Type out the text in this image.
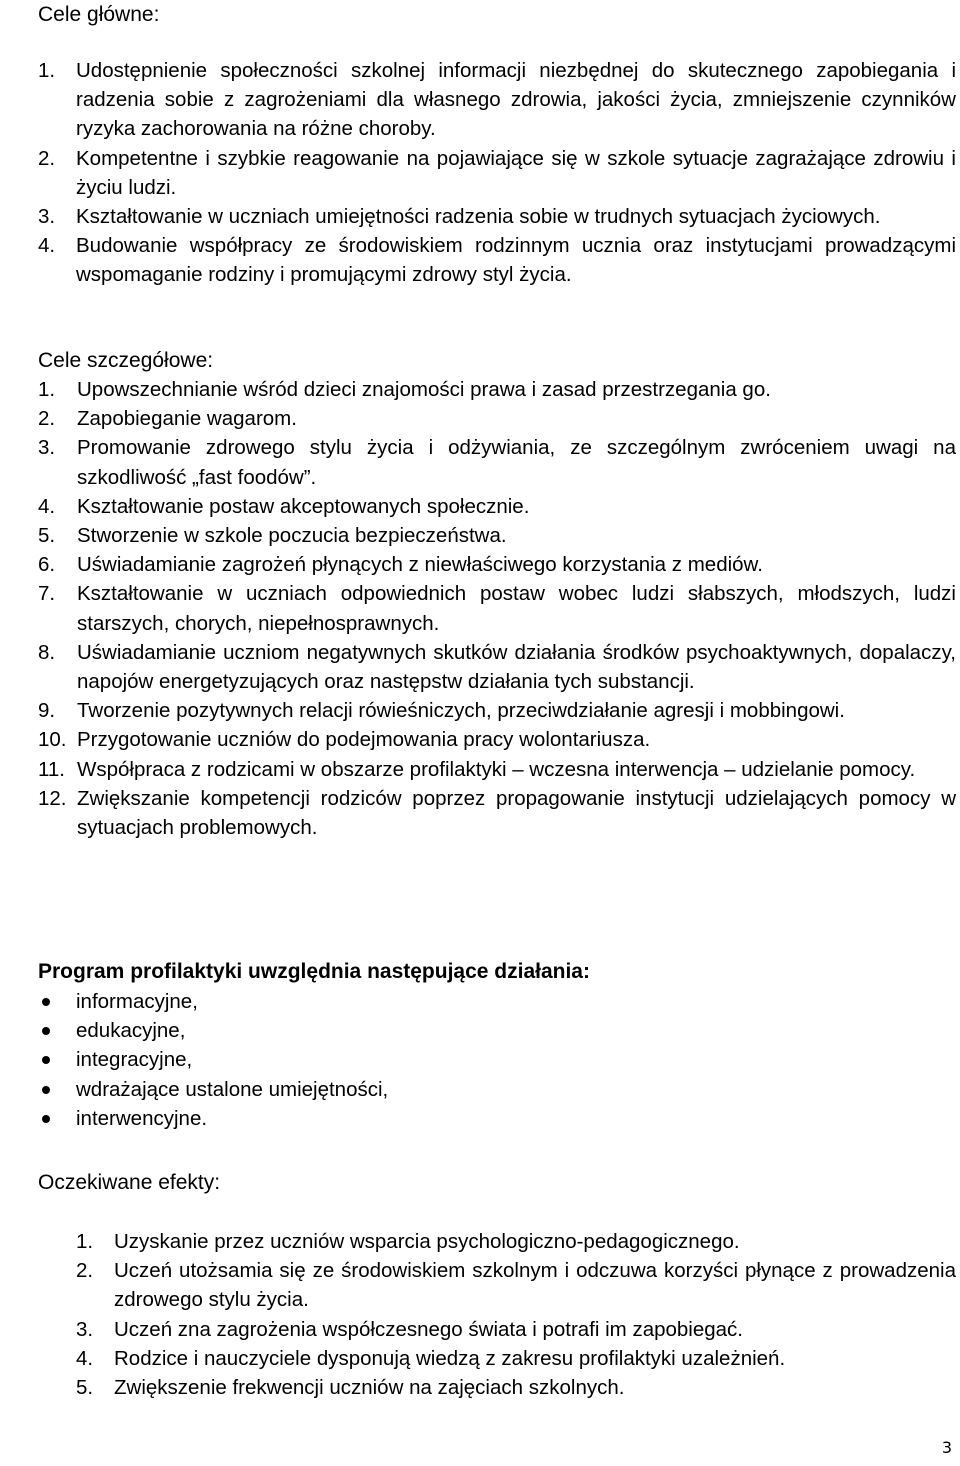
Cele główne:
1.	Udostępnienie społeczności szkolnej informacji niezbędnej do skutecznego zapobiegania i radzenia sobie z zagrożeniami dla własnego zdrowia, jakości życia, zmniejszenie czynników ryzyka zachorowania na różne choroby.
2.	Kompetentne i szybkie reagowanie na pojawiające się w szkole sytuacje zagrażające zdrowiu i życiu ludzi.
3.	Kształtowanie w uczniach umiejętności radzenia sobie w trudnych sytuacjach życiowych.
4.	Budowanie współpracy ze środowiskiem rodzinnym ucznia oraz instytucjami prowadzącymi wspomaganie rodziny i promującymi zdrowy styl życia.
Cele szczegółowe:
1.	Upowszechnianie wśród dzieci znajomości prawa i zasad przestrzegania go.
2.	Zapobieganie wagarom.
3.	Promowanie zdrowego stylu życia i odżywiania, ze szczególnym zwróceniem uwagi na szkodliwość „fast foodów”.
4.	Kształtowanie postaw akceptowanych społecznie.
5.	Stworzenie w szkole poczucia bezpieczeństwa.
6.	Uświadamianie zagrożeń płynących z niewłaściwego korzystania z mediów.
7.	Kształtowanie w uczniach odpowiednich postaw wobec ludzi słabszych, młodszych, ludzi starszych, chorych, niepełnosprawnych.
8.	Uświadamianie uczniom negatywnych skutków działania środków psychoaktywnych, dopalaczy, napojów energetyzujących oraz następstw działania tych substancji.
9.	Tworzenie pozytywnych relacji rówieśniczych, przeciwdziałanie agresji i mobbingowi.
10. Przygotowanie uczniów do podejmowania pracy wolontariusza.
11. Współpraca z rodzicami w obszarze profilaktyki – wczesna interwencja – udzielanie pomocy.
12. Zwiększanie kompetencji rodziców poprzez propagowanie instytucji udzielających pomocy w sytuacjach problemowych.
Program profilaktyki uwzględnia następujące działania:
informacyjne,
edukacyjne,
integracyjne,
wdrażające ustalone umiejętności,
interwencyjne.
Oczekiwane efekty:
1.	Uzyskanie przez uczniów wsparcia psychologiczno-pedagogicznego.
2.	Uczeń utożsamia się ze środowiskiem szkolnym i odczuwa korzyści płynące z prowadzenia zdrowego stylu życia.
3.	Uczeń zna zagrożenia współczesnego świata i potrafi im zapobiegać.
4.	Rodzice i nauczyciele dysponują wiedzą z zakresu profilaktyki uzależnień.
5.	Zwiększenie frekwencji uczniów na zajęciach szkolnych.
3
